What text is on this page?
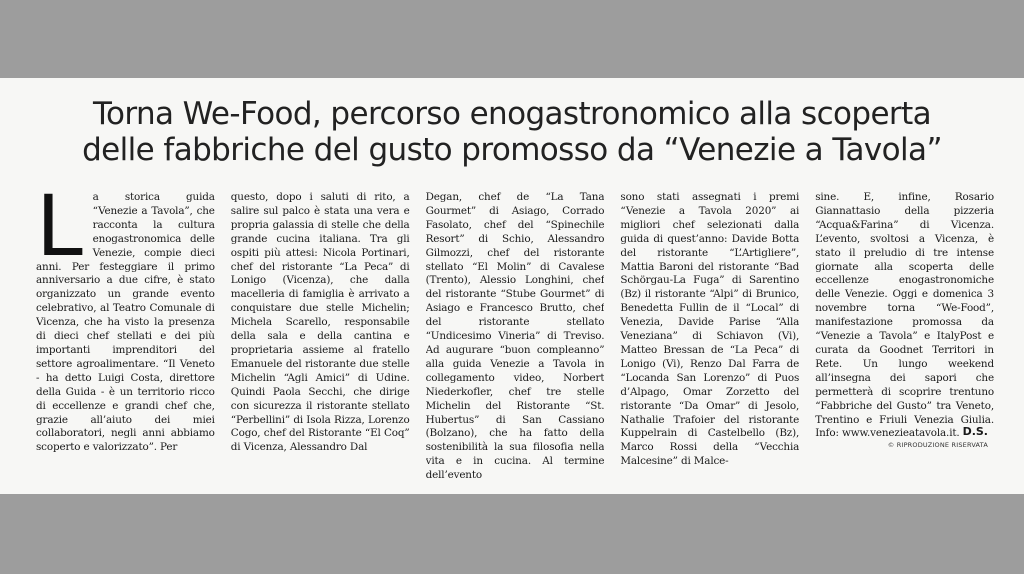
Torna We-Food, percorso enogastronomico alla scoperta
delle fabbriche del gusto promosso da “Venezie a Tavola”
L a storica guida “Venezie a Tavola”, che racconta la cultura enogastronomica delle Venezie, compie dieci anni. Per festeggiare il primo anniversario a due cifre, è stato organizzato un grande evento celebrativo, al Teatro Comunale di Vicenza, che ha visto la presenza di dieci chef stellati e dei più importanti imprenditori del settore agroalimentare. “Il Veneto - ha detto Luigi Costa, direttore della Guida - è un territorio ricco di eccellenze e grandi chef che, grazie all’aiuto dei miei collaboratori, negli anni abbiamo scoperto e valorizzato”. Per

questo, dopo i saluti di rito, a salire sul palco è stata una vera e propria galassia di stelle che della grande cucina italiana. Tra gli ospiti più attesi: Nicola Portinari, chef del ristorante “La Peca” di Lonigo (Vicenza), che dalla macelleria di famiglia è arrivato a conquistare due stelle Michelin; Michela Scarello, responsabile della sala e della cantina e proprietaria assieme al fratello Emanuele del ristorante due stelle Michelin “Agli Amici” di Udine. Quindi Paola Secchi, che dirige con sicurezza il ristorante stellato “Perbellini” di Isola Rizza, Lorenzo Cogo, chef del Ristorante “El Coq” di Vicenza, Alessandro Dal

Degan, chef de “La Tana Gourmet” di Asiago, Corrado Fasolato, chef del “Spinechile Resort” di Schio, Alessandro Gilmozzi, chef del ristorante stellato “El Molin” di Cavalese (Trento), Alessio Longhini, chef del ristorante “Stube Gourmet” di Asiago e Francesco Brutto, chef del ristorante stellato “Undicesimo Vineria” di Treviso. Ad augurare “buon compleanno” alla guida Venezie a Tavola in collegamento video, Norbert Niederkofler, chef tre stelle Michelin del Ristorante “St. Hubertus” di San Cassiano (Bolzano), che ha fatto della sostenibilità la sua filosofia nella vita e in cucina. Al termine dell’evento

sono stati assegnati i premi “Venezie a Tavola 2020” ai migliori chef selezionati dalla guida di quest’anno: Davide Botta del ristorante “L’Artigliere”, Mattia Baroni del ristorante “Bad Schörgau-La Fuga” di Sarentino (Bz) il ristorante “Alpi” di Brunico, Benedetta Fullin de il “Local” di Venezia, Davide Parise “Alla Veneziana” di Schiavon (Vi), Matteo Bressan de “La Peca” di Lonigo (Vi), Renzo Dal Farra de “Locanda San Lorenzo” di Puos d’Alpago, Omar Zorzetto del ristorante “Da Omar” di Jesolo, Nathalie Trafoier del ristorante Kuppelrain di Castelbello (Bz), Marco Rossi della “Vecchia Malcesine” di Malce-

sine. E, infine, Rosario Giannattasio della pizzeria “Acqua&Farina” di Vicenza. L’evento, svoltosi a Vicenza, è stato il preludio di tre intense giornate alla scoperta delle eccellenze enogastronomiche delle Venezie. Oggi e domenica 3 novembre torna “We-Food”, manifestazione promossa da “Venezie a Tavola” e ItalyPost e curata da Goodnet Territori in Rete. Un lungo weekend all’insegna dei sapori che permetterà di scoprire trentuno “Fabbriche del Gusto” tra Veneto, Trentino e Friuli Venezia Giulia. Info: www.venezieatavola.it. D.S.
© RIPRODUZIONE RISERVATA
